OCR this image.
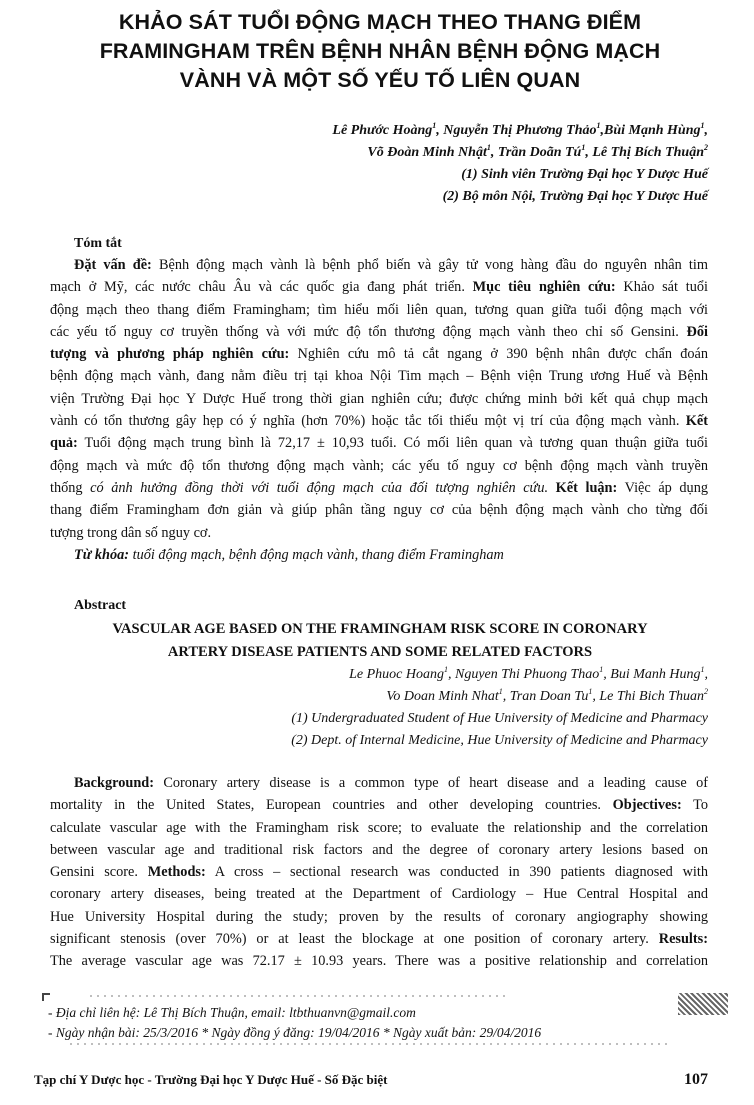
KHẢO SÁT TUỔI ĐỘNG MẠCH THEO THANG ĐIỂM
FRAMINGHAM TRÊN BỆNH NHÂN BỆNH ĐỘNG MẠCH
VÀNH VÀ MỘT SỐ YẾU TỐ LIÊN QUAN
Lê Phước Hoàng$^1$, Nguyễn Thị Phương Thảo$^1$,Bùi Mạnh Hùng$^1$,
Võ Đoàn Minh Nhật$^1$, Trần Doãn $Tú^1$, Lê Thị Bích Thuận$^2$
(1) Sinh viên Trường Đại học Y Dược Huế
(2) Bộ môn Nội, Trường Đại học Y Dược Huế
Tóm tắt
Đặt vấn đề: Bệnh động mạch vành là bệnh phổ biến và gây tử vong hàng đầu do nguyên nhân tim
mạch ở Mỹ, các nước châu Âu và các quốc gia đang phát triển. Mục tiêu nghiên cứu: Khảo sát tuổi
động mạch theo thang điểm Framingham; tìm hiểu mối liên quan, tương quan giữa tuổi động mạch với
các yếu tố nguy cơ truyền thống và với mức độ tổn thương động mạch vành theo chỉ số Gensini. Đối
tượng và phương pháp nghiên cứu: Nghiên cứu mô tả cắt ngang ở 390 bệnh nhân được chẩn đoán
bệnh động mạch vành, đang nằm điều trị tại khoa Nội Tim mạch – Bệnh viện Trung ương Huế và Bệnh
viện Trường Đại học Y Dược Huế trong thời gian nghiên cứu; được chứng minh bởi kết quả chụp mạch
vành có tổn thương gây hẹp có ý nghĩa (hơn 70%) hoặc tắc tối thiểu một vị trí của động mạch vành. Kết
quả: Tuổi động mạch trung bình là 72,17 ± 10,93 tuổi. Có mối liên quan và tương quan thuận giữa tuổi
động mạch và mức độ tổn thương động mạch vành; các yếu tố nguy cơ bệnh động mạch vành truyền
thống có ảnh hưởng đồng thời với tuổi động mạch của đối tượng nghiên cứu. Kết luận: Việc áp dụng
thang điểm Framingham đơn giản và giúp phân tầng nguy cơ của bệnh động mạch vành cho từng đối
tượng trong dân số nguy cơ.
Từ khóa: tuổi động mạch, bệnh động mạch vành, thang điểm Framingham
Abstract
VASCULAR AGE BASED ON THE FRAMINGHAM RISK SCORE IN CORONARY
ARTERY DISEASE PATIENTS AND SOME RELATED FACTORS
Le Phuoc Hoang$^1$, Nguyen Thi Phuong Thao$^1$, Bui Manh Hung$^1$,
Vo Doan Minh Nhat$^1$, Tran Doan Tu$^1$, Le Thi Bich Thuan$^2$
(1) Undergraduated Student of Hue University of Medicine and Pharmacy
(2) Dept. of Internal Medicine, Hue University of Medicine and Pharmacy
Background: Coronary artery disease is a common type of heart disease and a leading cause of
mortality in the United States, European countries and other developing countries. Objectives: To
calculate vascular age with the Framingham risk score; to evaluate the relationship and the correlation
between vascular age and traditional risk factors and the degree of coronary artery lesions based on
Gensini score. Methods: A cross – sectional research was conducted in 390 patients diagnosed with
coronary artery diseases, being treated at the Department of Cardiology – Hue Central Hospital and
Hue University Hospital during the study; proven by the results of coronary angiography showing
significant stenosis (over 70%) or at least the blockage at one position of coronary artery. Results:
The average vascular age was 72.17 ± 10.93 years. There was a positive relationship and correlation
- Địa chỉ liên hệ: Lê Thị Bích Thuận, email: ltbthuanvn@gmail.com
- Ngày nhận bài: 25/3/2016 * Ngày đồng ý đăng: 19/04/2016 * Ngày xuất bản: 29/04/2016
Tạp chí Y Dược học - Trường Đại học Y Dược Huế - Số Đặc biệt	107
